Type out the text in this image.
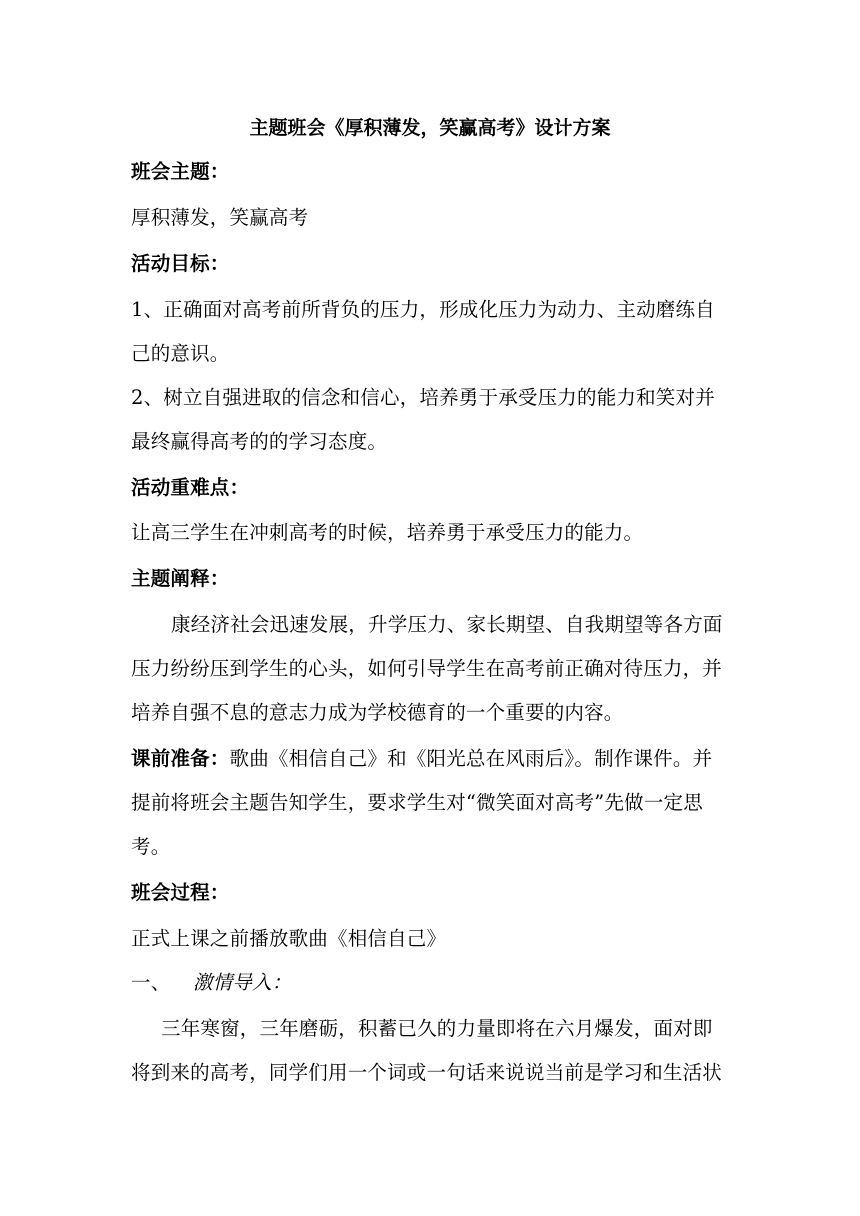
主题班会《厚积薄发，笑赢高考》设计方案
班会主题：
厚积薄发，笑赢高考
活动目标：
1、正确面对高考前所背负的压力，形成化压力为动力、主动磨练自
己的意识。
2、树立自强进取的信念和信心，培养勇于承受压力的能力和笑对并
最终赢得高考的的学习态度。
活动重难点：
让高三学生在冲刺高考的时候，培养勇于承受压力的能力。
主题阐释：
康经济社会迅速发展，升学压力、家长期望、自我期望等各方面
压力纷纷压到学生的心头，如何引导学生在高考前正确对待压力，并
培养自强不息的意志力成为学校德育的一个重要的内容。
课前准备：歌曲《相信自己》和《阳光总在风雨后》。制作课件。并
提前将班会主题告知学生，要求学生对“微笑面对高考”先做一定思
考。
班会过程：
正式上课之前播放歌曲《相信自己》
一、 激情导入：
三年寒窗，三年磨砺，积蓄已久的力量即将在六月爆发，面对即
将到来的高考，同学们用一个词或一句话来说说当前是学习和生活状
